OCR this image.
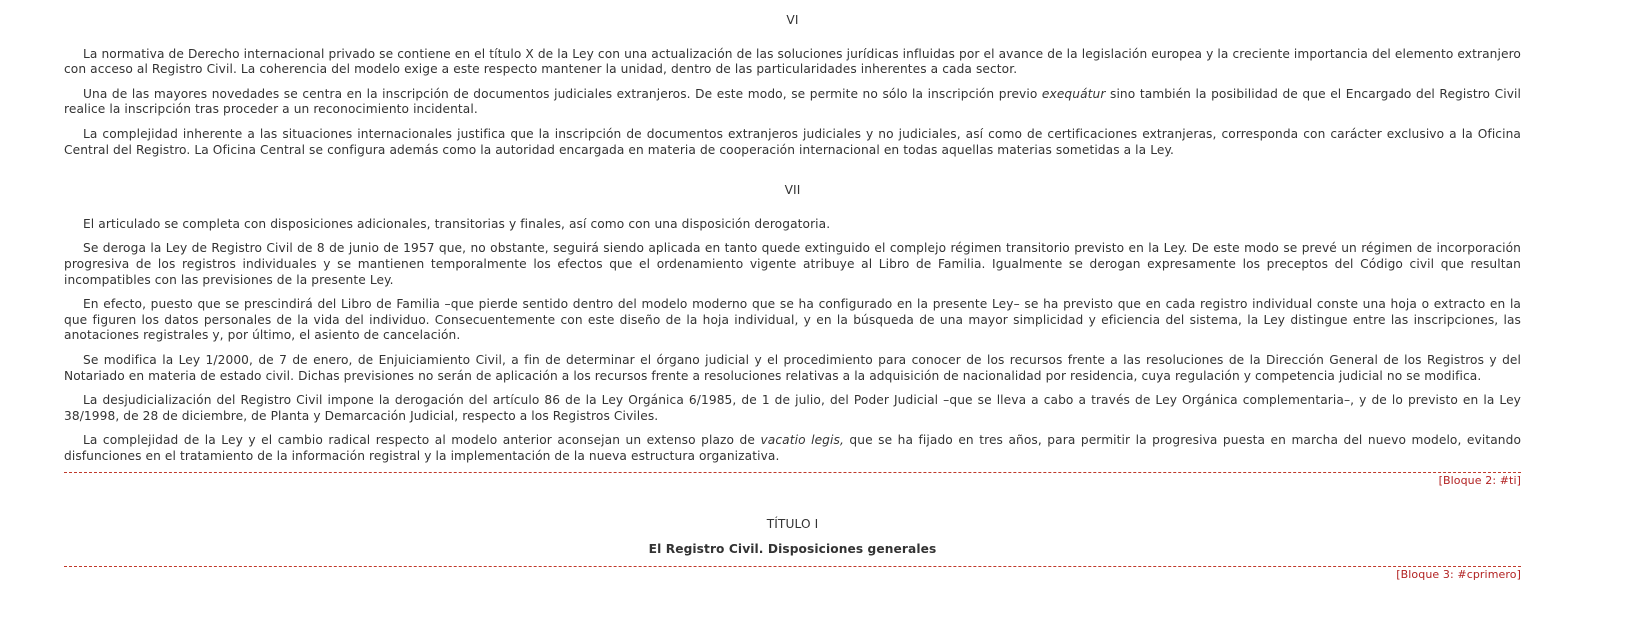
VI

La normativa de Derecho internacional privado se contiene en el título X de la Ley con una actualización de las soluciones jurídicas influidas por el avance de la legislación europea y la creciente importancia del elemento extranjero con acceso al Registro Civil. La coherencia del modelo exige a este respecto mantener la unidad, dentro de las particularidades inherentes a cada sector.

Una de las mayores novedades se centra en la inscripción de documentos judiciales extranjeros. De este modo, se permite no sólo la inscripción previo exequátur sino también la posibilidad de que el Encargado del Registro Civil realice la inscripción tras proceder a un reconocimiento incidental.

La complejidad inherente a las situaciones internacionales justifica que la inscripción de documentos extranjeros judiciales y no judiciales, así como de certificaciones extranjeras, corresponda con carácter exclusivo a la Oficina Central del Registro. La Oficina Central se configura además como la autoridad encargada en materia de cooperación internacional en todas aquellas materias sometidas a la Ley.

VII

El articulado se completa con disposiciones adicionales, transitorias y finales, así como con una disposición derogatoria.

Se deroga la Ley de Registro Civil de 8 de junio de 1957 que, no obstante, seguirá siendo aplicada en tanto quede extinguido el complejo régimen transitorio previsto en la Ley. De este modo se prevé un régimen de incorporación progresiva de los registros individuales y se mantienen temporalmente los efectos que el ordenamiento vigente atribuye al Libro de Familia. Igualmente se derogan expresamente los preceptos del Código civil que resultan incompatibles con las previsiones de la presente Ley.

En efecto, puesto que se prescindirá del Libro de Familia –que pierde sentido dentro del modelo moderno que se ha configurado en la presente Ley– se ha previsto que en cada registro individual conste una hoja o extracto en la que figuren los datos personales de la vida del individuo. Consecuentemente con este diseño de la hoja individual, y en la búsqueda de una mayor simplicidad y eficiencia del sistema, la Ley distingue entre las inscripciones, las anotaciones registrales y, por último, el asiento de cancelación.

Se modifica la Ley 1/2000, de 7 de enero, de Enjuiciamiento Civil, a fin de determinar el órgano judicial y el procedimiento para conocer de los recursos frente a las resoluciones de la Dirección General de los Registros y del Notariado en materia de estado civil. Dichas previsiones no serán de aplicación a los recursos frente a resoluciones relativas a la adquisición de nacionalidad por residencia, cuya regulación y competencia judicial no se modifica.

La desjudicialización del Registro Civil impone la derogación del artículo 86 de la Ley Orgánica 6/1985, de 1 de julio, del Poder Judicial –que se lleva a cabo a través de Ley Orgánica complementaria–, y de lo previsto en la Ley 38/1998, de 28 de diciembre, de Planta y Demarcación Judicial, respecto a los Registros Civiles.

La complejidad de la Ley y el cambio radical respecto al modelo anterior aconsejan un extenso plazo de vacatio legis, que se ha fijado en tres años, para permitir la progresiva puesta en marcha del nuevo modelo, evitando disfunciones en el tratamiento de la información registral y la implementación de la nueva estructura organizativa.

[Bloque 2: #ti]
TÍTULO I
El Registro Civil. Disposiciones generales
[Bloque 3: #cprimero]
